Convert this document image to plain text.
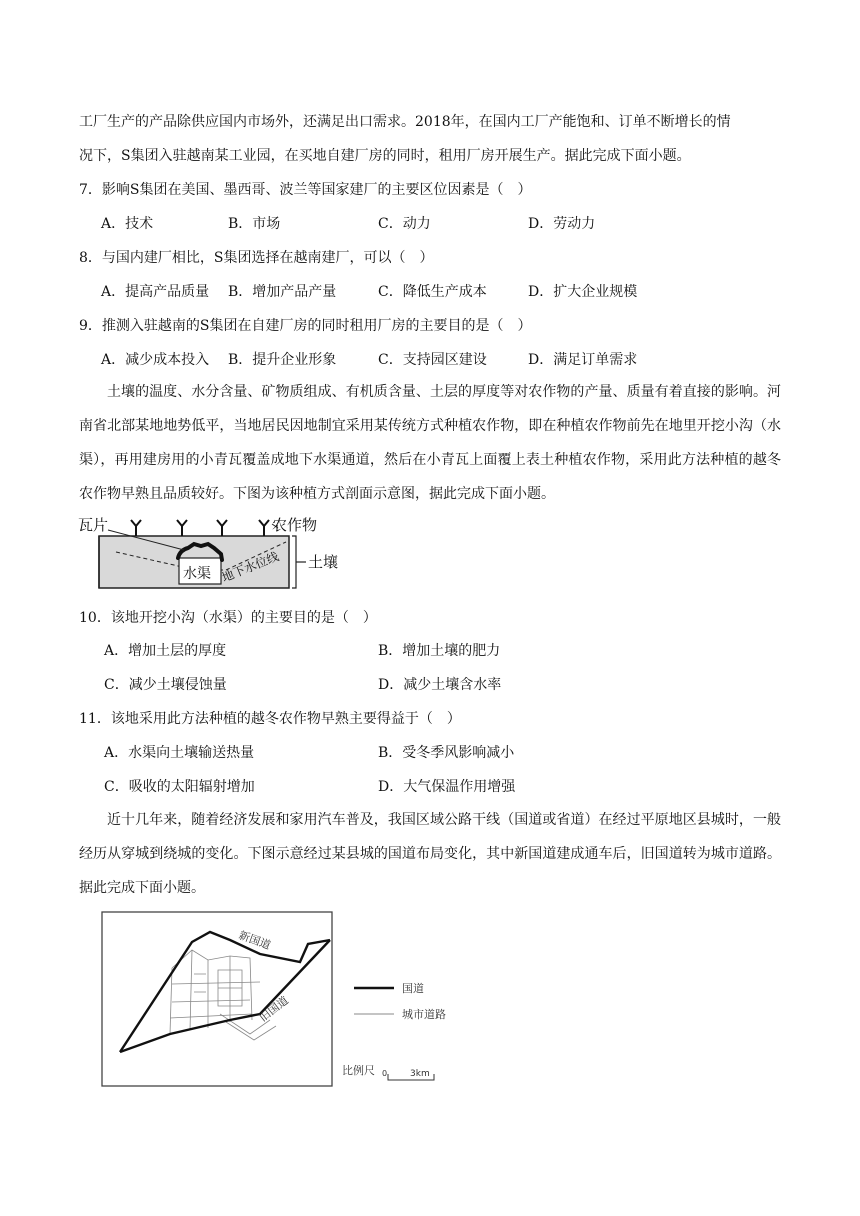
工厂生产的产品除供应国内市场外，还满足出口需求。2018年，在国内工厂产能饱和、订单不断增长的情
况下，S集团入驻越南某工业园，在买地自建厂房的同时，租用厂房开展生产。据此完成下面小题。
7．影响S集团在美国、墨西哥、波兰等国家建厂的主要区位因素是（　）
A．技术	B．市场	C．动力	D．劳动力
8．与国内建厂相比，S集团选择在越南建厂，可以（　）
A．提高产品质量 B．增加产品产量	C．降低生产成本	D．扩大企业规模
9．推测入驻越南的S集团在自建厂房的同时租用厂房的主要目的是（　）
A．减少成本投入 B．提升企业形象	C．支持园区建设	D．满足订单需求

土壤的温度、水分含量、矿物质组成、有机质含量、土层的厚度等对农作物的产量、质量有着直接的影响。河南省北部某地地势低平，当地居民因地制宜采用某传统方式种植农作物，即在种植农作物前先在地里开挖小沟（水渠），再用建房用的小青瓦覆盖成地下水渠通道，然后在小青瓦上面覆上表土种植农作物，采用此方法种植的越冬农作物早熟且品质较好。下图为该种植方式剖面示意图，据此完成下面小题。

瓦片	农作物
水渠 地下水位线 土壤
10．该地开挖小沟（水渠）的主要目的是（　）
A．增加土层的厚度	B．增加土壤的肥力
C．减少土壤侵蚀量	D．减少土壤含水率
11．该地采用此方法种植的越冬农作物早熟主要得益于（　）
A．水渠向土壤输送热量	B．受冬季风影响减小
C．吸收的太阳辐射增加	D．大气保温作用增强

近十几年来，随着经济发展和家用汽车普及，我国区域公路干线（国道或省道）在经过平原地区县城时，一般经历从穿城到绕城的变化。下图示意经过某县城的国道布局变化，其中新国道建成通车后，旧国道转为城市道路。据此完成下面小题。

新国道
旧国道
国道
城市道路
比例尺 0	3km
